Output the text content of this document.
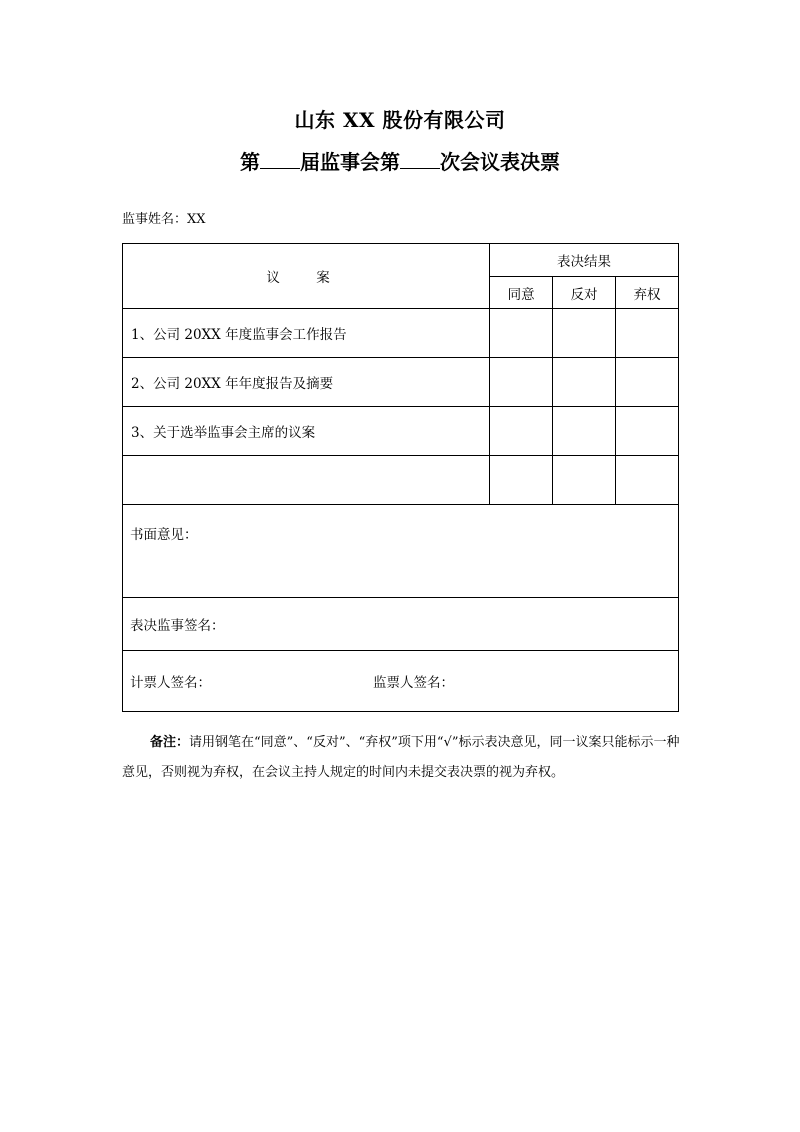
山东 XX 股份有限公司
第 届监事会第 次会议表决票
监事姓名：XX
议 案	表决结果		
	同意	反对	弃权
1、公司 20XX 年度监事会工作报告			
2、公司 20XX 年年度报告及摘要			
3、关于选举监事会主席的议案			

书面意见：			
表决监事签名：			
计票人签名： 监票人签名：			
备注：请用钢笔在“同意”、“反对”、“弃权”项下用“√”标示表决意见，同一议案只能标示一种意见，否则视为弃权，在会议主持人规定的时间内未提交表决票的视为弃权。
